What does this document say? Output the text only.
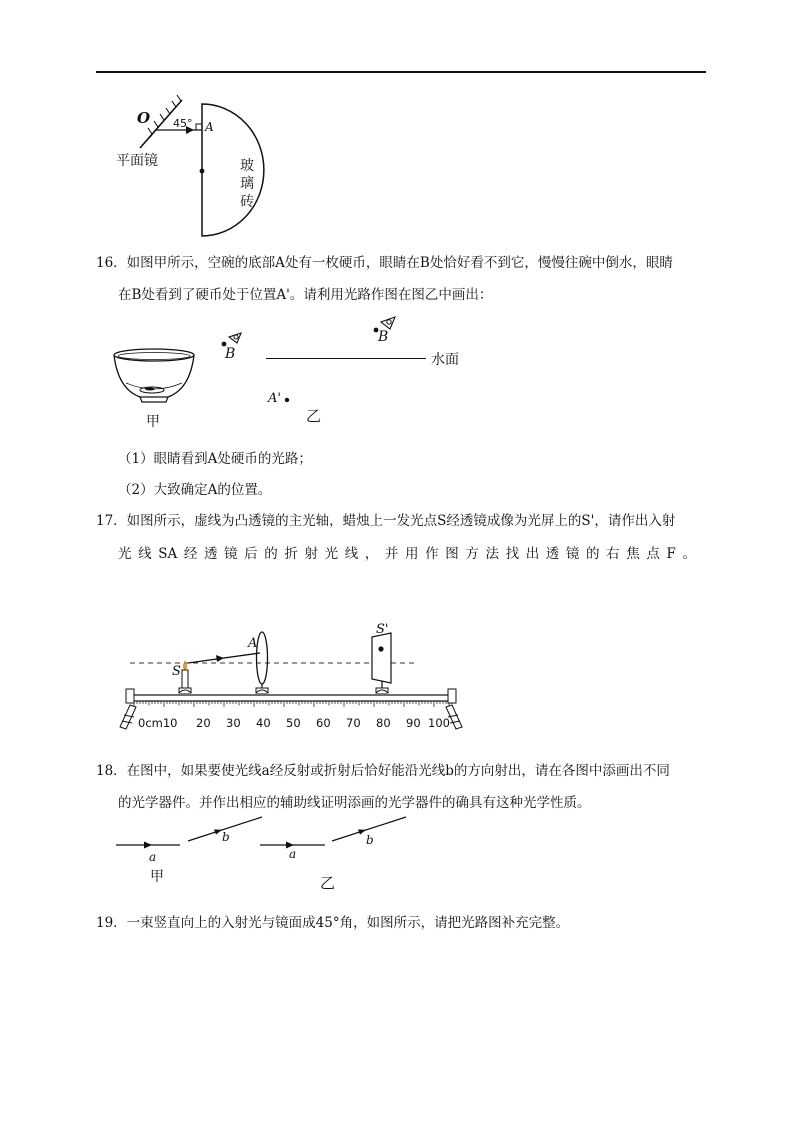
O 45° A
平面镜	玻
璃
砖
16．如图甲所示，空碗的底部A处有一枚硬币，眼睛在B处恰好看不到它，慢慢往碗中倒水，眼睛
在B处看到了硬币处于位置A'。请利用光路作图在图乙中画出：
甲
B
B
水面
A'
乙
（1）眼睛看到A处硬币的光路；
（2）大致确定A的位置。
17．如图所示，虚线为凸透镜的主光轴，蜡烛上一发光点S经透镜成像为光屏上的S'，请作出入射
光 线 SA 经 透 镜 后 的 折 射 光 线 ， 并 用 作 图 方 法 找 出 透 镜 的 右 焦 点 F 。
0cm10 20 30 40 50 60 70 80 90 100
A
S
S'
18．在图中，如果要使光线a经反射或折射后恰好能沿光线b的方向射出，请在各图中添画出不同
的光学器件。并作出相应的辅助线证明添画的光学器件的确具有这种光学性质。
a
b
a
b
甲	乙
19．一束竖直向上的入射光与镜面成45°角，如图所示，请把光路图补充完整。
